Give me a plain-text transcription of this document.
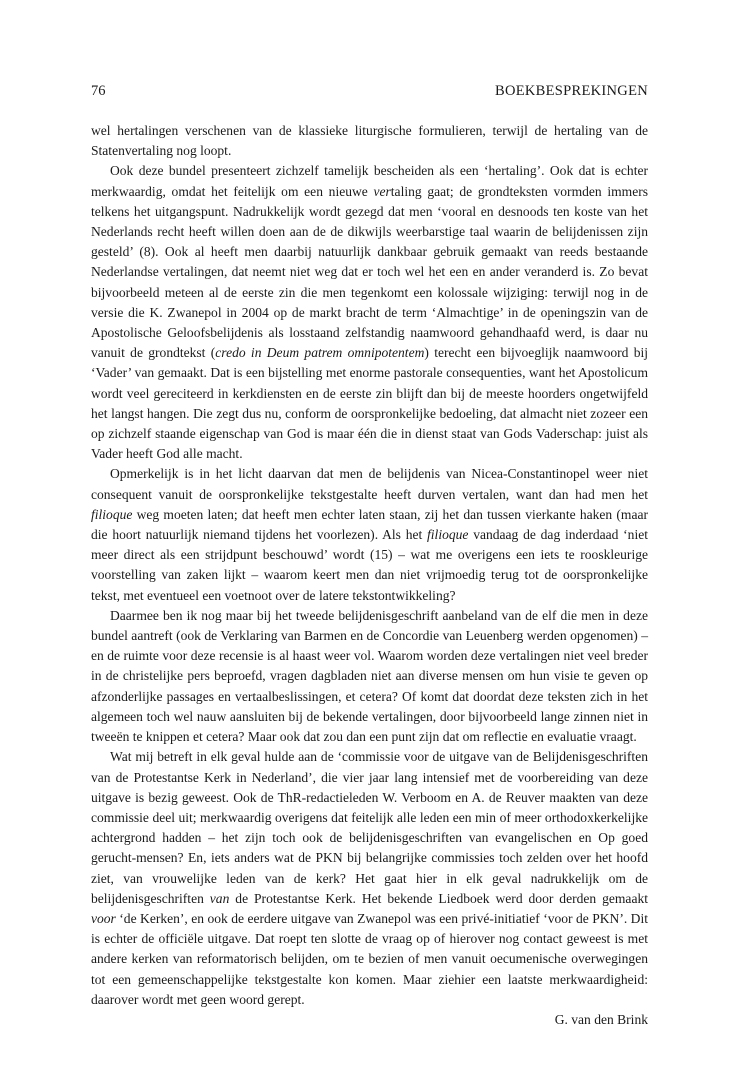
76	BOEKBESPREKINGEN

wel hertalingen verschenen van de klassieke liturgische formulieren, terwijl de hertaling van de Statenvertaling nog loopt.

Ook deze bundel presenteert zichzelf tamelijk bescheiden als een ‘hertaling’. Ook dat is echter merkwaardig, omdat het feitelijk om een nieuwe vertaling gaat; de grondteksten vormden immers telkens het uitgangspunt. Nadrukkelijk wordt gezegd dat men ‘vooral en desnoods ten koste van het Nederlands recht heeft willen doen aan de de dikwijls weerbarstige taal waarin de belijdenissen zijn gesteld’ (8). Ook al heeft men daarbij natuurlijk dankbaar gebruik gemaakt van reeds bestaande Nederlandse vertalingen, dat neemt niet weg dat er toch wel het een en ander veranderd is. Zo bevat bijvoorbeeld meteen al de eerste zin die men tegenkomt een kolossale wijziging: terwijl nog in de versie die K. Zwanepol in 2004 op de markt bracht de term ‘Almachtige’ in de openingszin van de Apostolische Geloofsbelijdenis als losstaand zelfstandig naamwoord gehandhaafd werd, is daar nu vanuit de grondtekst (credo in Deum patrem omnipotentem) terecht een bijvoeglijk naamwoord bij ‘Vader’ van gemaakt. Dat is een bijstelling met enorme pastorale consequenties, want het Apostolicum wordt veel gereciteerd in kerkdiensten en de eerste zin blijft dan bij de meeste hoorders ongetwijfeld het langst hangen. Die zegt dus nu, conform de oorspronkelijke bedoeling, dat almacht niet zozeer een op zichzelf staande eigenschap van God is maar één die in dienst staat van Gods Vaderschap: juist als Vader heeft God alle macht.

Opmerkelijk is in het licht daarvan dat men de belijdenis van Nicea-Constantinopel weer niet consequent vanuit de oorspronkelijke tekstgestalte heeft durven vertalen, want dan had men het filioque weg moeten laten; dat heeft men echter laten staan, zij het dan tussen vierkante haken (maar die hoort natuurlijk niemand tijdens het voorlezen). Als het filioque vandaag de dag inderdaad ‘niet meer direct als een strijdpunt beschouwd’ wordt (15) – wat me overigens een iets te rooskleurige voorstelling van zaken lijkt – waarom keert men dan niet vrijmoedig terug tot de oorspronkelijke tekst, met eventueel een voetnoot over de latere tekstontwikkeling?

Daarmee ben ik nog maar bij het tweede belijdenisgeschrift aanbeland van de elf die men in deze bundel aantreft (ook de Verklaring van Barmen en de Concordie van Leuenberg werden opgenomen) – en de ruimte voor deze recensie is al haast weer vol. Waarom worden deze vertalingen niet veel breder in de christelijke pers beproefd, vragen dagbladen niet aan diverse mensen om hun visie te geven op afzonderlijke passages en vertaalbeslissingen, et cetera? Of komt dat doordat deze teksten zich in het algemeen toch wel nauw aansluiten bij de bekende vertalingen, door bijvoorbeeld lange zinnen niet in tweeën te knippen et cetera? Maar ook dat zou dan een punt zijn dat om reflectie en evaluatie vraagt.

Wat mij betreft in elk geval hulde aan de ‘commissie voor de uitgave van de Belijdenisgeschriften van de Protestantse Kerk in Nederland’, die vier jaar lang intensief met de voorbereiding van deze uitgave is bezig geweest. Ook de ThR-redactieleden W. Verboom en A. de Reuver maakten van deze commissie deel uit; merkwaardig overigens dat feitelijk alle leden een min of meer orthodoxkerkelijke achtergrond hadden – het zijn toch ook de belijdenisgeschriften van evangelischen en Op goed gerucht-mensen? En, iets anders wat de PKN bij belangrijke commissies toch zelden over het hoofd ziet, van vrouwelijke leden van de kerk? Het gaat hier in elk geval nadrukkelijk om de belijdenisgeschriften van de Protestantse Kerk. Het bekende Liedboek werd door derden gemaakt voor ‘de Kerken’, en ook de eerdere uitgave van Zwanepol was een privé-initiatief ‘voor de PKN’. Dit is echter de officiële uitgave. Dat roept ten slotte de vraag op of hierover nog contact geweest is met andere kerken van reformatorisch belijden, om te bezien of men vanuit oecumenische overwegingen tot een gemeenschappelijke tekstgestalte kon komen. Maar ziehier een laatste merkwaardigheid: daarover wordt met geen woord gerept.

G. van den Brink
